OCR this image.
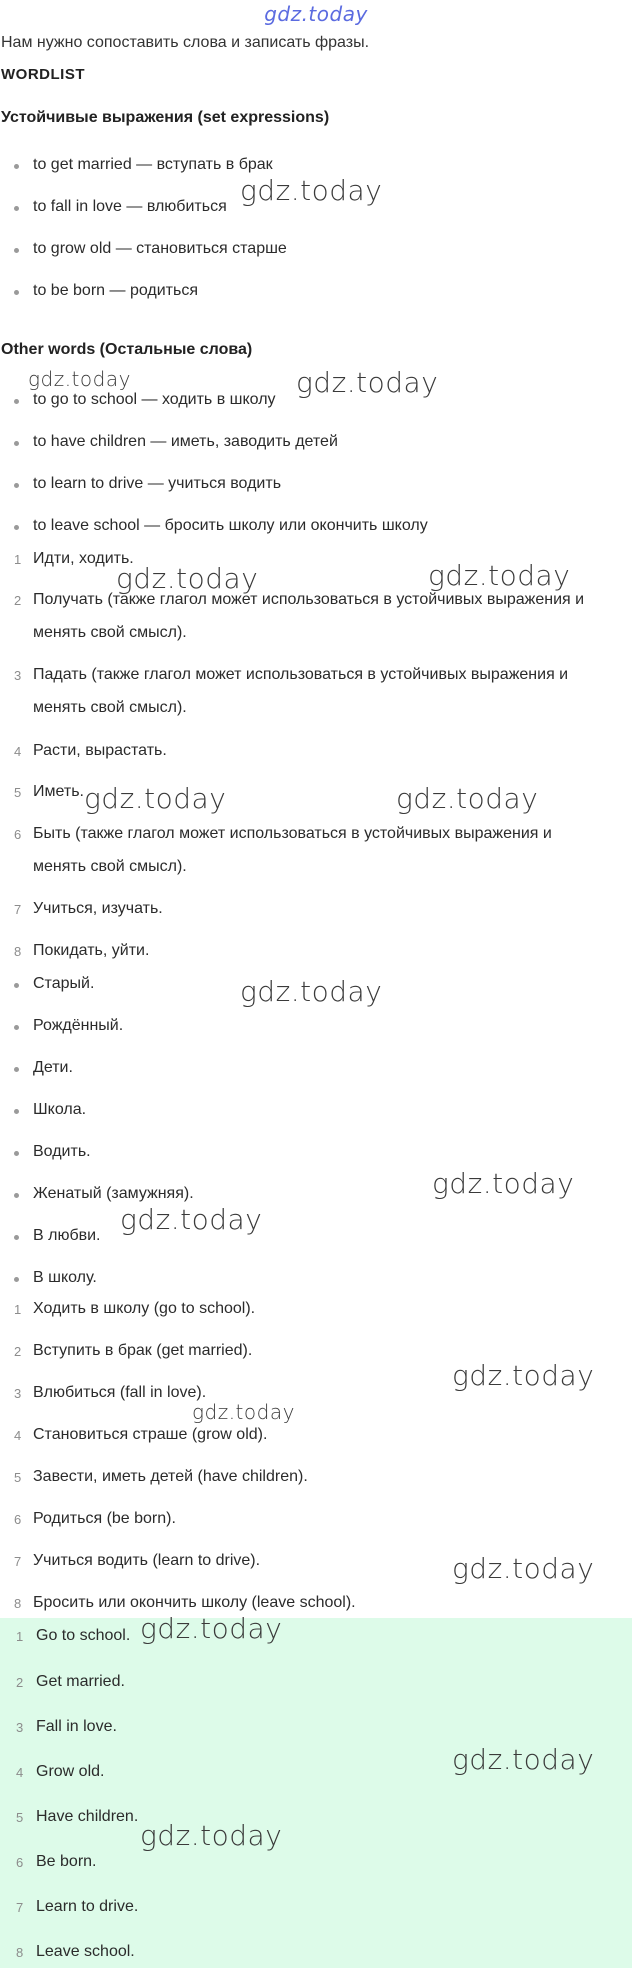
gdz.today
Нам нужно сопоставить слова и записать фразы.
WORDLIST
Устойчивые выражения (set expressions)
to get married — вступать в брак
to fall in love — влюбиться
to grow old — становиться старше
to be born — родиться
Other words (Остальные слова)
to go to school — ходить в школу
to have children — иметь, заводить детей
to learn to drive — учиться водить
to leave school — бросить школу или окончить школу
1 Идти, ходить.
2 Получать (также глагол может использоваться в устойчивых выражения и
менять свой смысл).
3 Падать (также глагол может использоваться в устойчивых выражения и
менять свой смысл).
4 Расти, вырастать.
5 Иметь.
6 Быть (также глагол может использоваться в устойчивых выражения и
менять свой смысл).
7 Учиться, изучать.
8 Покидать, уйти.
Старый.
Рождённый.
Дети.
Школа.
Водить.
Женатый (замужняя).
В любви.
В школу.
1 Ходить в школу (go to school).
2 Вступить в брак (get married).
3 Влюбиться (fall in love).
4 Становиться страше (grow old).
5 Завести, иметь детей (have children).
6 Родиться (be born).
7 Учиться водить (learn to drive).
8 Бросить или окончить школу (leave school).
1 Go to school.
2 Get married.
3 Fall in love.
4 Grow old.
5 Have children.
6 Be born.
7 Learn to drive.
8 Leave school.
gdz.today
gdz.today	gdz.today
gdz.today	gdz.today
gdz.today	gdz.today
gdz.today
gdz.today
gdz.today
gdz.today
gdz.today
gdz.today
gdz.today
gdz.today
gdz.today
